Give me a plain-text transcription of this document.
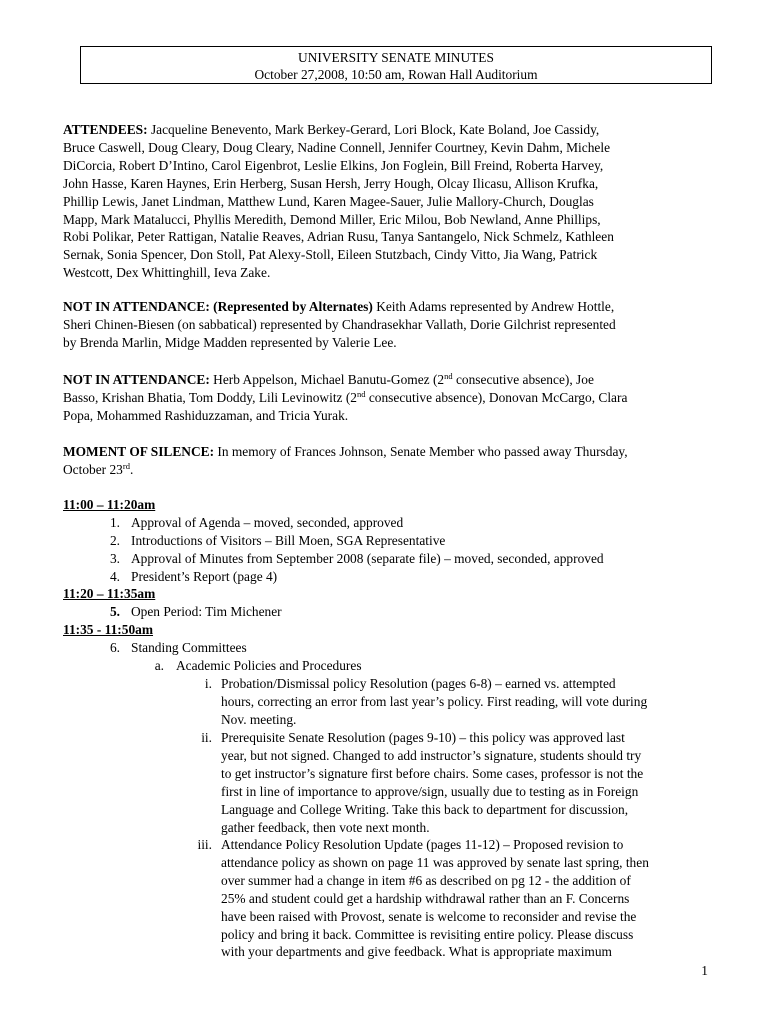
UNIVERSITY SENATE MINUTES
October 27,2008, 10:50 am, Rowan Hall Auditorium
ATTENDEES: Jacqueline Benevento, Mark Berkey-Gerard, Lori Block, Kate Boland, Joe Cassidy,
Bruce Caswell, Doug Cleary, Doug Cleary, Nadine Connell, Jennifer Courtney, Kevin Dahm, Michele
DiCorcia, Robert D’Intino, Carol Eigenbrot, Leslie Elkins, Jon Foglein, Bill Freind, Roberta Harvey,
John Hasse, Karen Haynes, Erin Herberg, Susan Hersh, Jerry Hough, Olcay Ilicasu, Allison Krufka,
Phillip Lewis, Janet Lindman, Matthew Lund, Karen Magee-Sauer, Julie Mallory-Church, Douglas
Mapp, Mark Matalucci, Phyllis Meredith, Demond Miller, Eric Milou, Bob Newland, Anne Phillips,
Robi Polikar, Peter Rattigan, Natalie Reaves, Adrian Rusu, Tanya Santangelo, Nick Schmelz, Kathleen
Sernak, Sonia Spencer, Don Stoll, Pat Alexy-Stoll, Eileen Stutzbach, Cindy Vitto, Jia Wang, Patrick
Westcott, Dex Whittinghill, Ieva Zake.
NOT IN ATTENDANCE: (Represented by Alternates) Keith Adams represented by Andrew Hottle,
Sheri Chinen-Biesen (on sabbatical) represented by Chandrasekhar Vallath, Dorie Gilchrist represented
by Brenda Marlin, Midge Madden represented by Valerie Lee.
NOT IN ATTENDANCE: Herb Appelson, Michael Banutu-Gomez (2nd consecutive absence), Joe
Basso, Krishan Bhatia, Tom Doddy, Lili Levinowitz (2nd consecutive absence), Donovan McCargo, Clara
Popa, Mohammed Rashiduzzaman, and Tricia Yurak.
MOMENT OF SILENCE: In memory of Frances Johnson, Senate Member who passed away Thursday,
October 23rd.
11:00 – 11:20am
1. Approval of Agenda – moved, seconded, approved
2. Introductions of Visitors – Bill Moen, SGA Representative
3. Approval of Minutes from September 2008 (separate file) – moved, seconded, approved
4. President’s Report (page 4)
11:20 – 11:35am
5. Open Period: Tim Michener
11:35 - 11:50am
6. Standing Committees
a. Academic Policies and Procedures
i. Probation/Dismissal policy Resolution (pages 6-8) – earned vs. attempted
hours, correcting an error from last year’s policy. First reading, will vote during
Nov. meeting.
ii. Prerequisite Senate Resolution (pages 9-10) – this policy was approved last
year, but not signed. Changed to add instructor’s signature, students should try
to get instructor’s signature first before chairs. Some cases, professor is not the
first in line of importance to approve/sign, usually due to testing as in Foreign
Language and College Writing. Take this back to department for discussion,
gather feedback, then vote next month.
iii. Attendance Policy Resolution Update (pages 11-12) – Proposed revision to
attendance policy as shown on page 11 was approved by senate last spring, then
over summer had a change in item #6 as described on pg 12 - the addition of
25% and student could get a hardship withdrawal rather than an F. Concerns
have been raised with Provost, senate is welcome to reconsider and revise the
policy and bring it back. Committee is revisiting entire policy. Please discuss
with your departments and give feedback. What is appropriate maximum
1
